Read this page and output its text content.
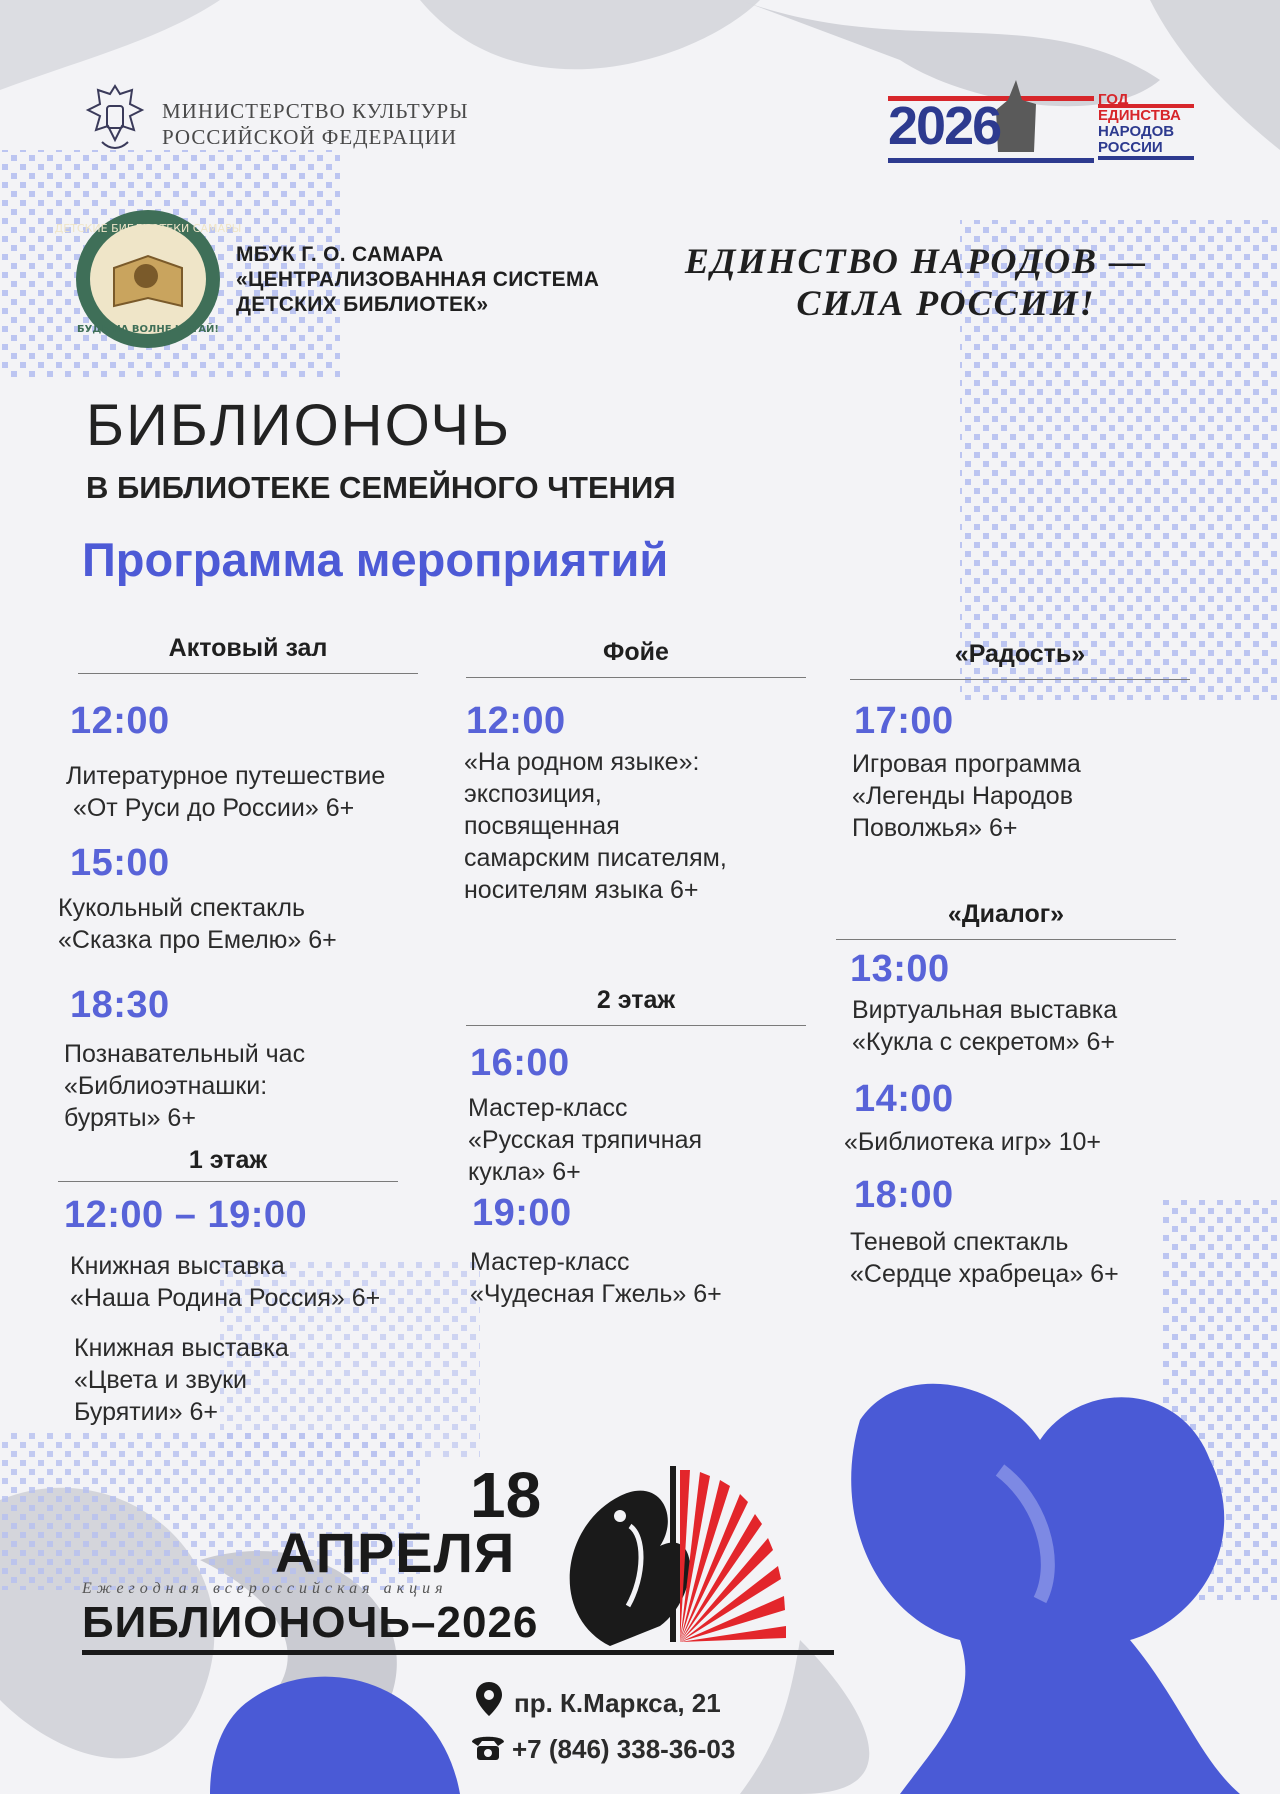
МИНИСТЕРСТВО КУЛЬТУРЫ
РОССИЙСКОЙ ФЕДЕРАЦИИ
ДЕТСКИЕ БИБЛИОТЕКИ САМАРЫ
БУДЬ НА ВОЛНЕ ЧИТАЙ!
МБУК Г. О. САМАРА
«ЦЕНТРАЛИЗОВАННАЯ СИСТЕМА
ДЕТСКИХ БИБЛИОТЕК»
2026	ГОД
ЕДИНСТВА
НАРОДОВ
РОССИИ
ЕДИНСТВО НАРОДОВ —
СИЛА РОССИИ!
БИБЛИОНОЧЬ
В БИБЛИОТЕКЕ СЕМЕЙНОГО ЧТЕНИЯ
Программа мероприятий
Актовый зал
12:00
Литературное путешествие
«От Руси до России» 6+
15:00
Кукольный спектакль
«Сказка про Емелю» 6+
18:30
Познавательный час
«Библиоэтнашки:
буряты» 6+
1 этаж
12:00 – 19:00
Книжная выставка
«Наша Родина Россия» 6+
Книжная выставка
«Цвета и звуки
Бурятии» 6+
Фойе
12:00
«На родном языке»:
экспозиция,
посвященная
самарским писателям,
носителям языка 6+
2 этаж
16:00
Мастер-класс
«Русская тряпичная
кукла» 6+
19:00
Мастер-класс
«Чудесная Гжель» 6+
«Радость»
17:00
Игровая программа
«Легенды Народов
Поволжья» 6+
«Диалог»
13:00
Виртуальная выставка
«Кукла с секретом» 6+
14:00
«Библиотека игр» 10+
18:00
Теневой спектакль
«Сердце храбреца» 6+
18
АПРЕЛЯ
Ежегодная всероссийская акция
БИБЛИОНОЧЬ–2026
пр. К.Маркса, 21
+7 (846) 338-36-03
